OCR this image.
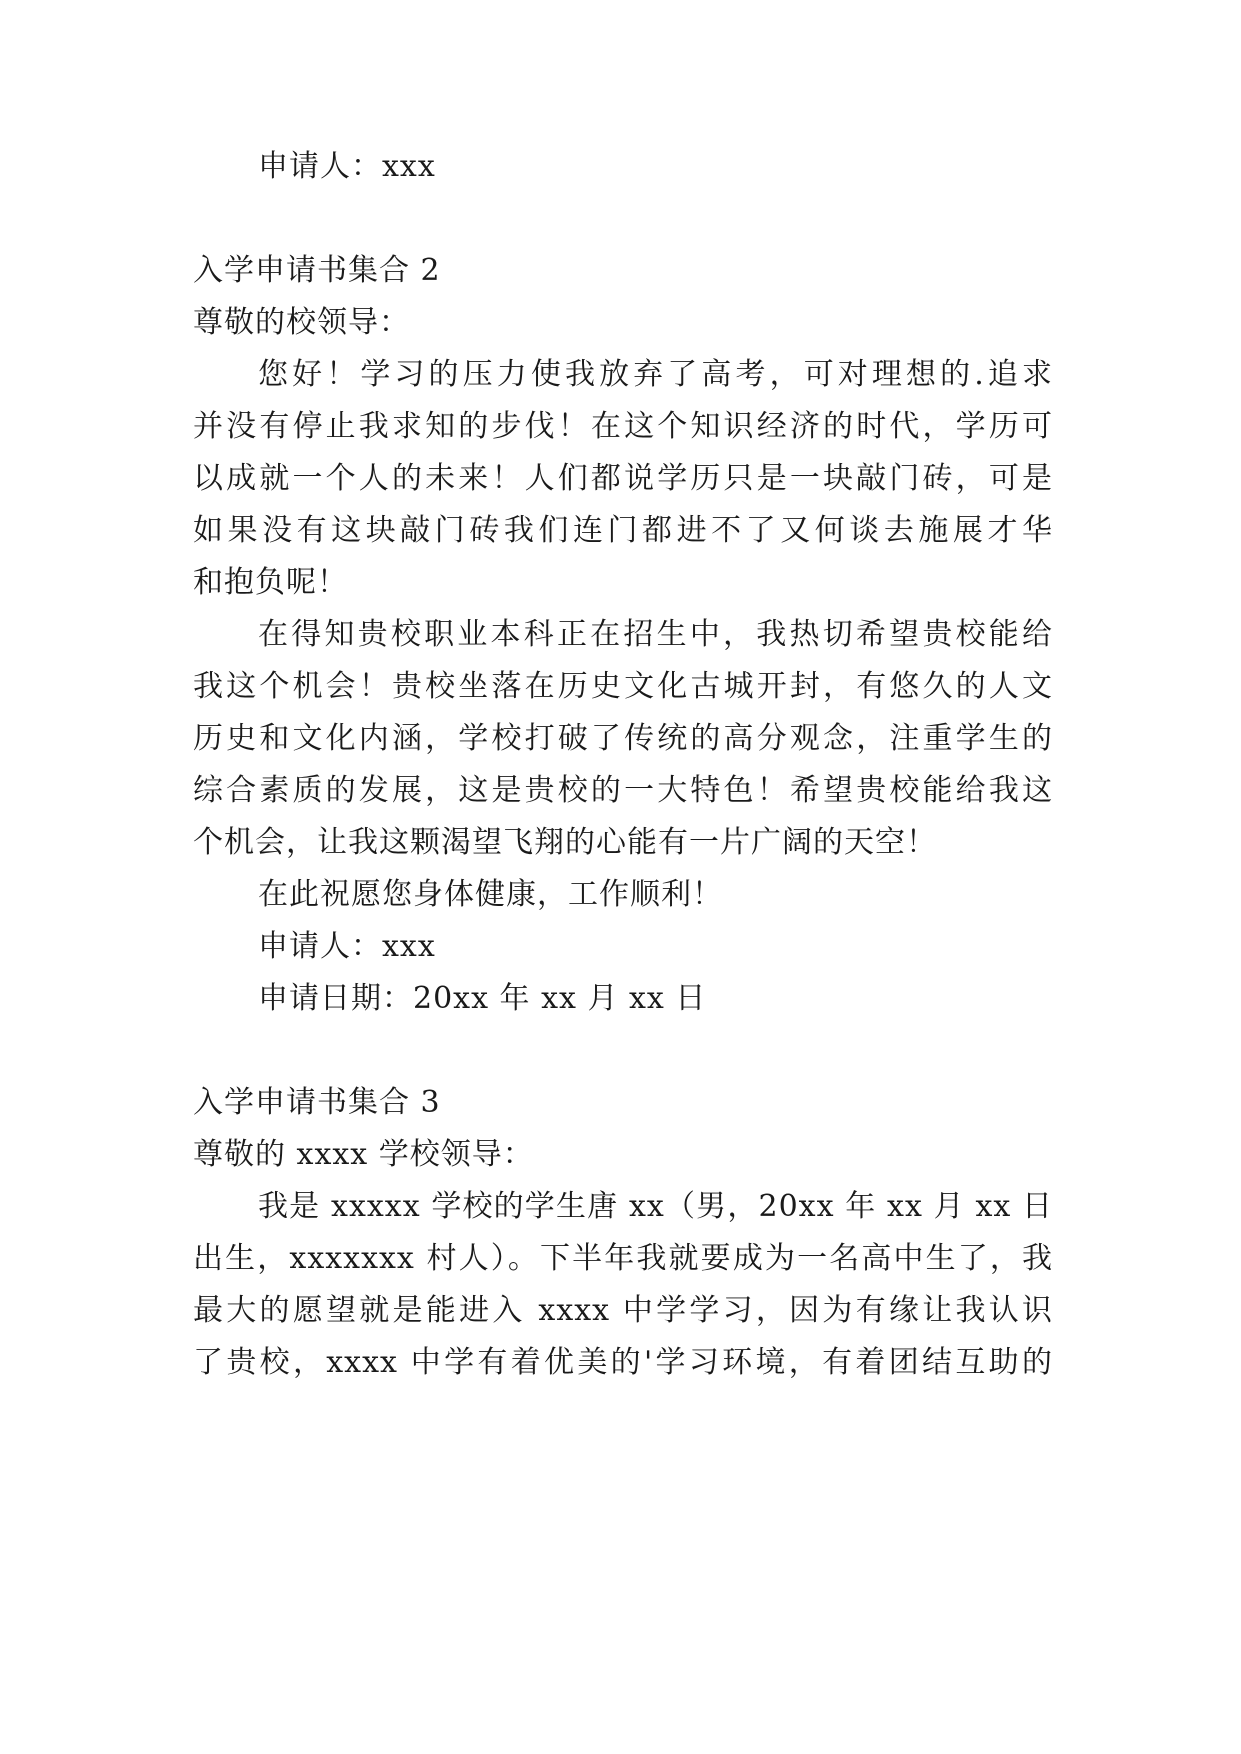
申请人：xxx
入学申请书集合 2
尊敬的校领导：
您好！学习的压力使我放弃了高考，可对理想的.追求
并没有停止我求知的步伐！在这个知识经济的时代，学历可
以成就一个人的未来！人们都说学历只是一块敲门砖，可是
如果没有这块敲门砖我们连门都进不了又何谈去施展才华
和抱负呢！
在得知贵校职业本科正在招生中，我热切希望贵校能给
我这个机会！贵校坐落在历史文化古城开封，有悠久的人文
历史和文化内涵，学校打破了传统的高分观念，注重学生的
综合素质的发展，这是贵校的一大特色！希望贵校能给我这
个机会，让我这颗渴望飞翔的心能有一片广阔的天空！
在此祝愿您身体健康，工作顺利！
申请人：xxx
申请日期：20xx 年 xx 月 xx 日
入学申请书集合 3
尊敬的 xxxx 学校领导：
我是 xxxxx 学校的学生唐 xx（男，20xx 年 xx 月 xx 日
出生，xxxxxxx 村人）。下半年我就要成为一名高中生了，我
最大的愿望就是能进入 xxxx 中学学习，因为有缘让我认识
了贵校，xxxx 中学有着优美的'学习环境，有着团结互助的
